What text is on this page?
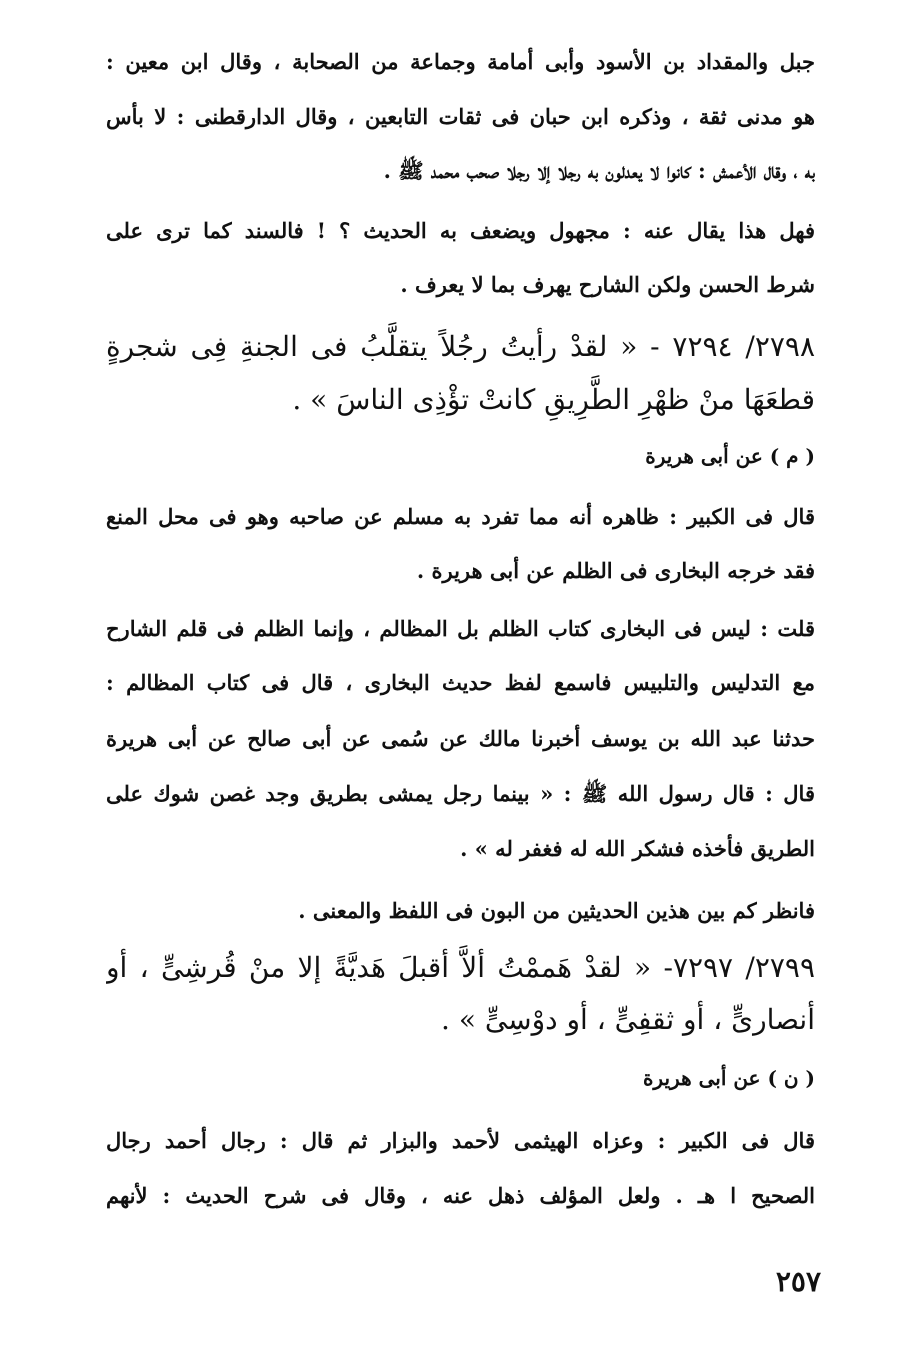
جبل والمقداد بن الأسود وأبى أمامة وجماعة من الصحابة ، وقال ابن معين :
هو مدنى ثقة ، وذكره ابن حبان فى ثقات التابعين ، وقال الدارقطنى : لا بأس
به ، وقال الأعمش : كانوا لا يعدلون به رجلا إلا رجلا صحب محمد ﷺ .
فهل هذا يقال عنه : مجهول ويضعف به الحديث ؟ ! فالسند كما ترى على
شرط الحسن ولكن الشارح يهرف بما لا يعرف .
٢٧٩٨/ ٧٢٩٤ - « لقدْ رأيتُ رجُلاً يتقلَّبُ فى الجنةِ فِى شجرةٍ
قطعَهَا منْ ظهْرِ الطَّرِيقِ كانتْ تؤْذِى الناسَ » .
( م ) عن أبى هريرة
قال فى الكبير : ظاهره أنه مما تفرد به مسلم عن صاحبه وهو فى محل المنع
فقد خرجه البخارى فى الظلم عن أبى هريرة .
قلت : ليس فى البخارى كتاب الظلم بل المظالم ، وإنما الظلم فى قلم الشارح
مع التدليس والتلبيس فاسمع لفظ حديث البخارى ، قال فى كتاب المظالم :
حدثنا عبد الله بن يوسف أخبرنا مالك عن سُمى عن أبى صالح عن أبى هريرة
قال : قال رسول الله ﷺ : « بينما رجل يمشى بطريق وجد غصن شوك على
الطريق فأخذه فشكر الله له فغفر له » .
فانظر كم بين هذين الحديثين من البون فى اللفظ والمعنى .
٢٧٩٩/ ٧٢٩٧- « لقدْ هَممْتُ ألاَّ أقبلَ هَديَّةً إلا منْ قُرشِىٍّ ، أو
أنصارىٍّ ، أو ثقفِىٍّ ، أو دوْسِىٍّ » .
( ن ) عن أبى هريرة
قال فى الكبير : وعزاه الهيثمى لأحمد والبزار ثم قال : رجال أحمد رجال
الصحيح ا هـ . ولعل المؤلف ذهل عنه ، وقال فى شرح الحديث : لأنهم
٢٥٧
